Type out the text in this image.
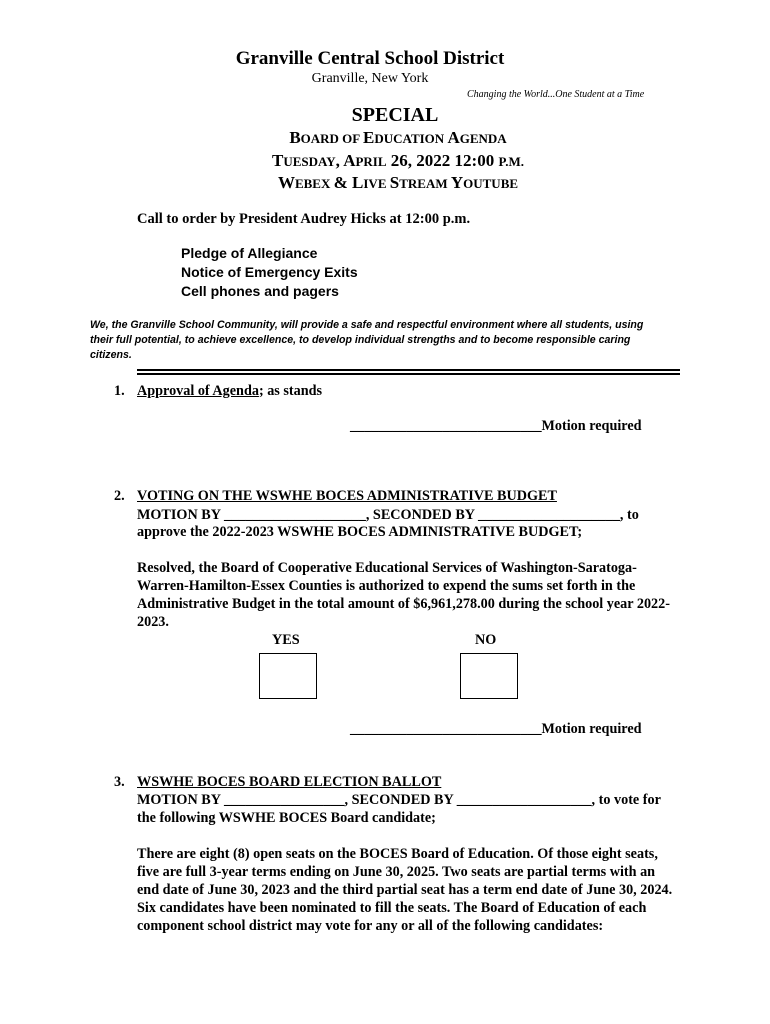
Granville Central School District
Granville, New York
Changing the World...One Student at a Time
SPECIAL
BOARD OF EDUCATION AGENDA
TUESDAY, APRIL 26, 2022 12:00 P.M.
WEBEX & LIVE STREAM YOUTUBE
Call to order by President Audrey Hicks at 12:00 p.m.
Pledge of Allegiance
Notice of Emergency Exits
Cell phones and pagers
We, the Granville School Community, will provide a safe and respectful environment where all students, using
their full potential, to achieve excellence, to develop individual strengths and to become responsible caring
citizens.
1. Approval of Agenda; as stands
___________________________Motion required
2. VOTING ON THE WSWHE BOCES ADMINISTRATIVE BUDGET
MOTION BY ____________________, SECONDED BY ____________________, to
approve the 2022-2023 WSWHE BOCES ADMINISTRATIVE BUDGET;
Resolved, the Board of Cooperative Educational Services of Washington-Saratoga-
Warren-Hamilton-Essex Counties is authorized to expend the sums set forth in the
Administrative Budget in the total amount of $6,961,278.00 during the school year 2022-
2023.
YES	NO
___________________________Motion required
3. WSWHE BOCES BOARD ELECTION BALLOT
MOTION BY _________________, SECONDED BY ___________________, to vote for
the following WSWHE BOCES Board candidate;
There are eight (8) open seats on the BOCES Board of Education. Of those eight seats,
five are full 3-year terms ending on June 30, 2025. Two seats are partial terms with an
end date of June 30, 2023 and the third partial seat has a term end date of June 30, 2024.
Six candidates have been nominated to fill the seats. The Board of Education of each
component school district may vote for any or all of the following candidates:
